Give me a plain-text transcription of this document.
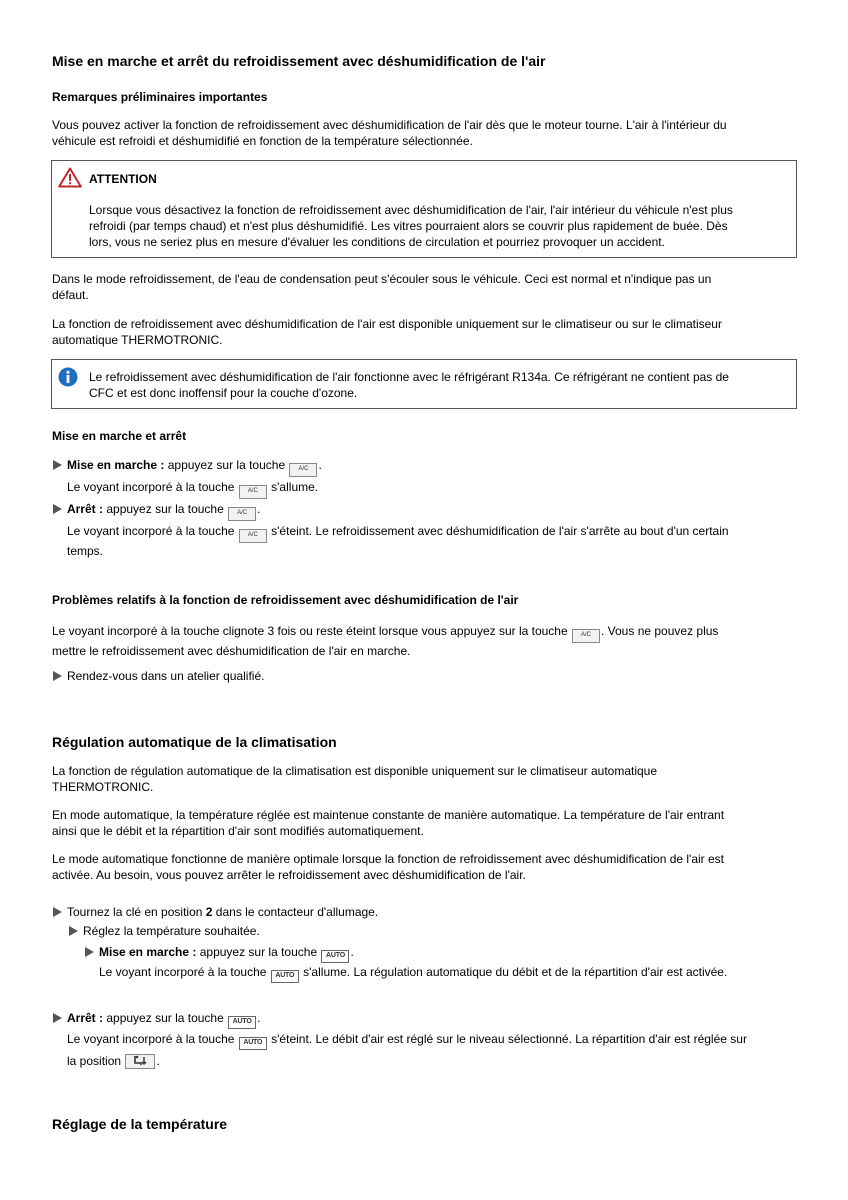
Mise en marche et arrêt du refroidissement avec déshumidification de l'air
Remarques préliminaires importantes

Vous pouvez activer la fonction de refroidissement avec déshumidification de l'air dès que le moteur tourne. L'air à l'intérieur du

véhicule est refroidi et déshumidifié en fonction de la température sélectionnée.

ATTENTION

Lorsque vous désactivez la fonction de refroidissement avec déshumidification de l'air, l'air intérieur du véhicule n'est plus

refroidi (par temps chaud) et n'est plus déshumidifié. Les vitres pourraient alors se couvrir plus rapidement de buée. Dès

lors, vous ne seriez plus en mesure d'évaluer les conditions de circulation et pourriez provoquer un accident.

Dans le mode refroidissement, de l'eau de condensation peut s'écouler sous le véhicule. Ceci est normal et n'indique pas un

défaut.

La fonction de refroidissement avec déshumidification de l'air est disponible uniquement sur le climatiseur ou sur le climatiseur

automatique THERMOTRONIC.

Le refroidissement avec déshumidification de l'air fonctionne avec le réfrigérant R134a. Ce réfrigérant ne contient pas de

CFC et est donc inoffensif pour la couche d'ozone.

Mise en marche et arrêt
Mise en marche : appuyez sur la touche A/C .
Le voyant incorporé à la touche A/C s'allume.
Arrêt : appuyez sur la touche A/C .

Le voyant incorporé à la touche A/C s'éteint. Le refroidissement avec déshumidification de l'air s'arrête au bout d'un certain

temps.

Problèmes relatifs à la fonction de refroidissement avec déshumidification de l'air

Le voyant incorporé à la touche clignote 3 fois ou reste éteint lorsque vous appuyez sur la touche A/C . Vous ne pouvez plus

mettre le refroidissement avec déshumidification de l'air en marche.

Rendez-vous dans un atelier qualifié.
Régulation automatique de la climatisation

La fonction de régulation automatique de la climatisation est disponible uniquement sur le climatiseur automatique

THERMOTRONIC.

En mode automatique, la température réglée est maintenue constante de manière automatique. La température de l'air entrant

ainsi que le débit et la répartition d'air sont modifiés automatiquement.

Le mode automatique fonctionne de manière optimale lorsque la fonction de refroidissement avec déshumidification de l'air est

activée. Au besoin, vous pouvez arrêter le refroidissement avec déshumidification de l'air.

Tournez la clé en position 2 dans le contacteur d'allumage.
Réglez la température souhaitée.
Mise en marche : appuyez sur la touche AUTO .
Le voyant incorporé à la touche AUTO s'allume. La régulation automatique du débit et de la répartition d'air est activée.
Arrêt : appuyez sur la touche AUTO .

Le voyant incorporé à la touche AUTO s'éteint. Le débit d'air est réglé sur le niveau sélectionné. La répartition d'air est réglée sur

la position	.

Réglage de la température
